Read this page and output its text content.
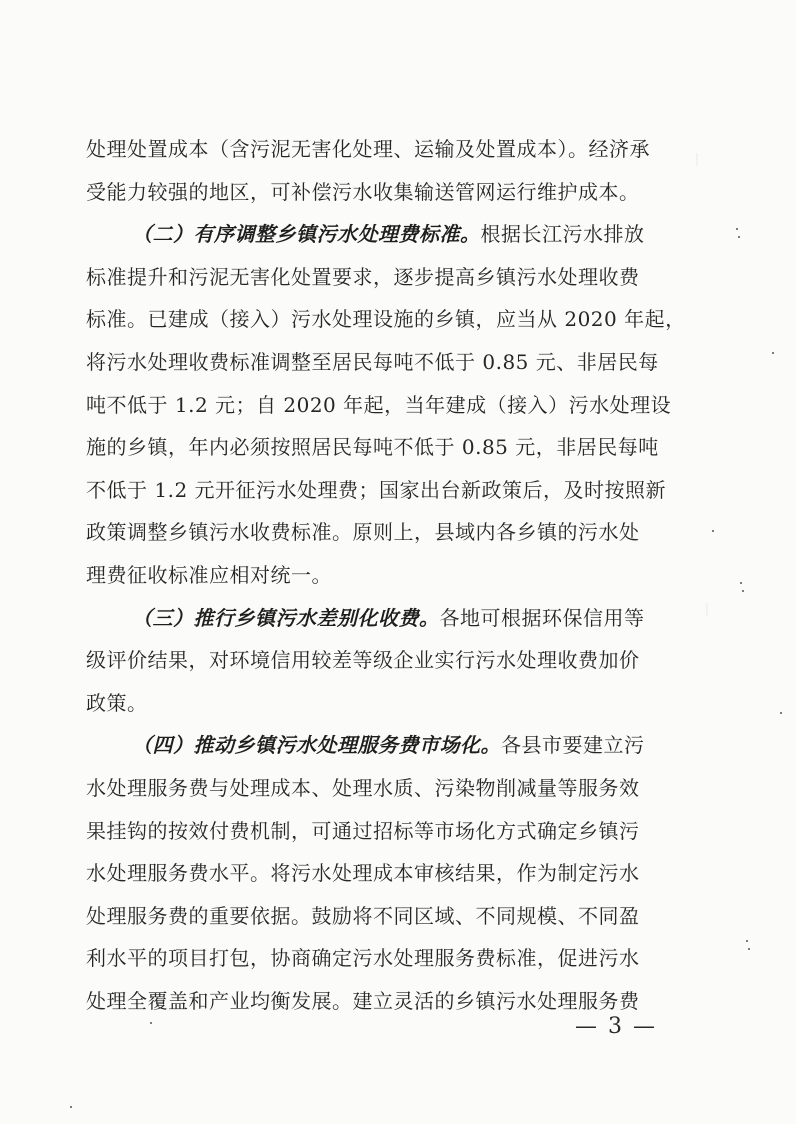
丨
丨
处理处置成本（含污泥无害化处理、运输及处置成本）。经济承
受能力较强的地区，可补偿污水收集输送管网运行维护成本。
（二）有序调整乡镇污水处理费标准。根据长江污水排放
标准提升和污泥无害化处置要求，逐步提高乡镇污水处理收费
标准。已建成（接入）污水处理设施的乡镇，应当从 2020 年起，
将污水处理收费标准调整至居民每吨不低于 0.85 元、非居民每
吨不低于 1.2 元；自 2020 年起，当年建成（接入）污水处理设
施的乡镇，年内必须按照居民每吨不低于 0.85 元，非居民每吨
不低于 1.2 元开征污水处理费；国家出台新政策后，及时按照新
政策调整乡镇污水收费标准。原则上，县域内各乡镇的污水处
理费征收标准应相对统一。
（三）推行乡镇污水差别化收费。各地可根据环保信用等
级评价结果，对环境信用较差等级企业实行污水处理收费加价
政策。
（四）推动乡镇污水处理服务费市场化。各县市要建立污
水处理服务费与处理成本、处理水质、污染物削减量等服务效
果挂钩的按效付费机制，可通过招标等市场化方式确定乡镇污
水处理服务费水平。将污水处理成本审核结果，作为制定污水
处理服务费的重要依据。鼓励将不同区域、不同规模、不同盈
利水平的项目打包，协商确定污水处理服务费标准，促进污水
处理全覆盖和产业均衡发展。建立灵活的乡镇污水处理服务费
— 3 —
